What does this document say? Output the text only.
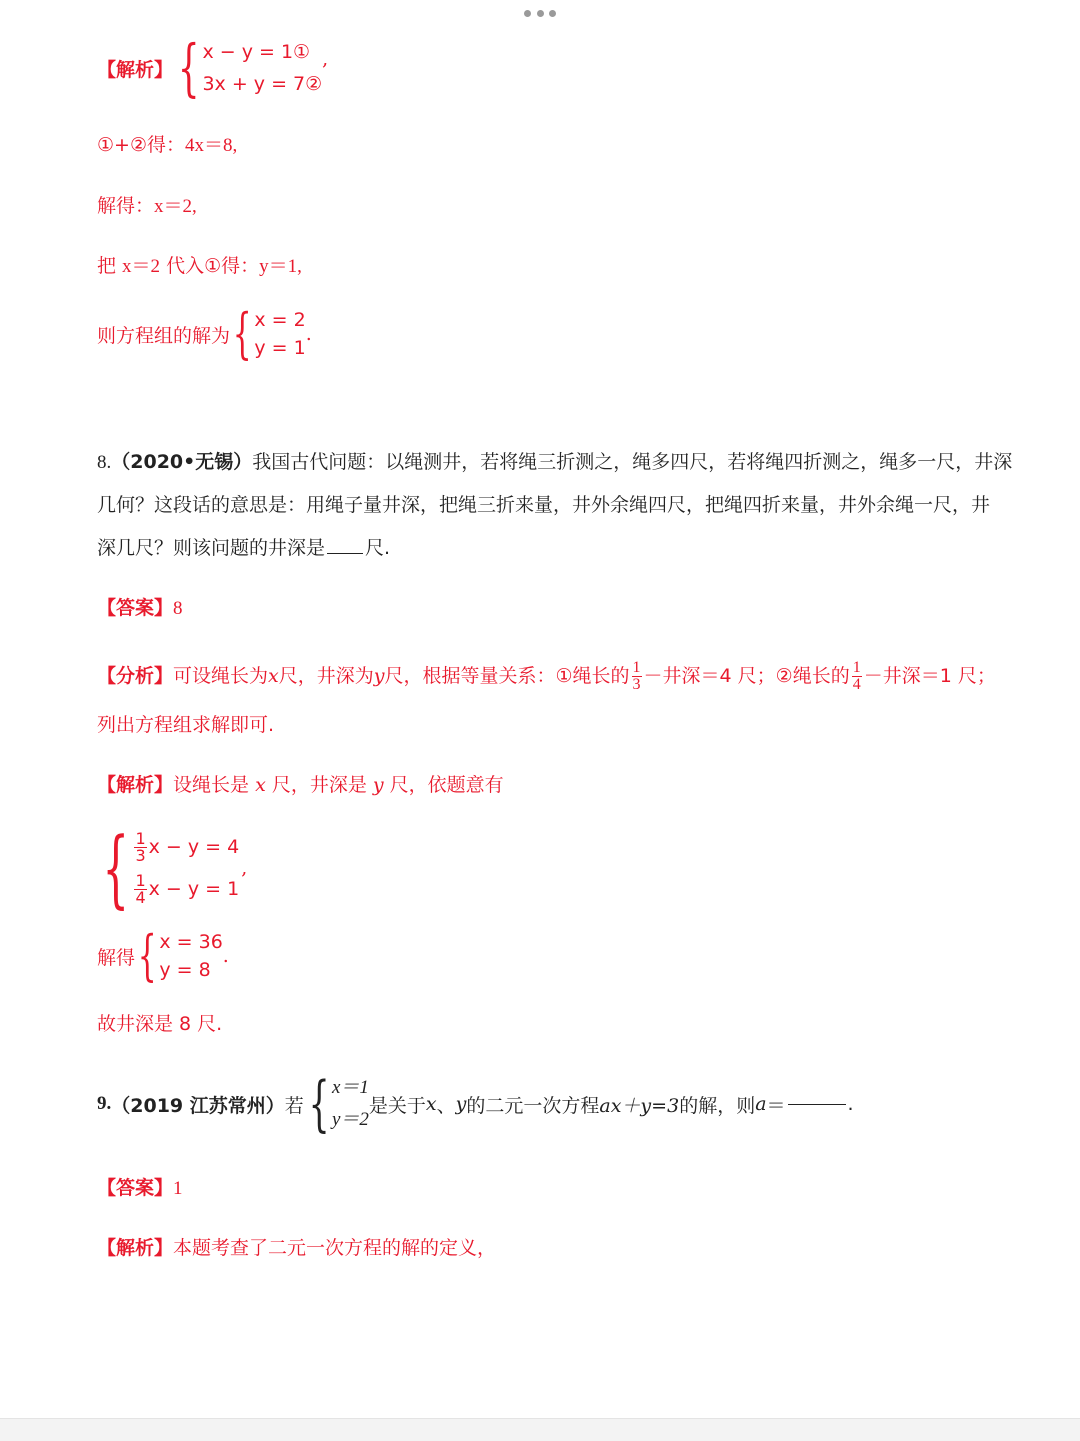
【解析】 { x − y = 1①
3x + y = 7②
,
①+②得：4x＝8,
解得：x＝2,
把 x＝2 代入①得：y＝1,
则方程组的解为 { x = 2
y = 1
.
8.（2020•无锡）我国古代问题：以绳测井，若将绳三折测之，绳多四尺，若将绳四折测之，绳多一尺，井深
几何？这段话的意思是：用绳子量井深，把绳三折来量，井外余绳四尺，把绳四折来量，井外余绳一尺，井
深几尺？则该问题的井深是 尺.
【答案】8
【分析】 可设绳长为 x 尺，井深为 y 尺，根据等量关系：①绳长的 $\frac{1}{3}$ －井深＝4 尺；②绳长的 $\frac{1}{4}$ －井深＝1 尺；
列出方程组求解即可.
【解析】设绳长是 x 尺，井深是 y 尺，依题意有
{ $\frac{1}{3}$ x − y = 4
$\frac{1}{4}$ x − y = 1
,
解得 { x = 36
y = 8
.
故井深是 8 尺.
9. （2019 江苏常州） 若 { x＝1
y＝2
是关于 x 、 y 的二元一次方程 ax＋y=3 的解，则 a ＝	.
【答案】1
【解析】本题考查了二元一次方程的解的定义，
